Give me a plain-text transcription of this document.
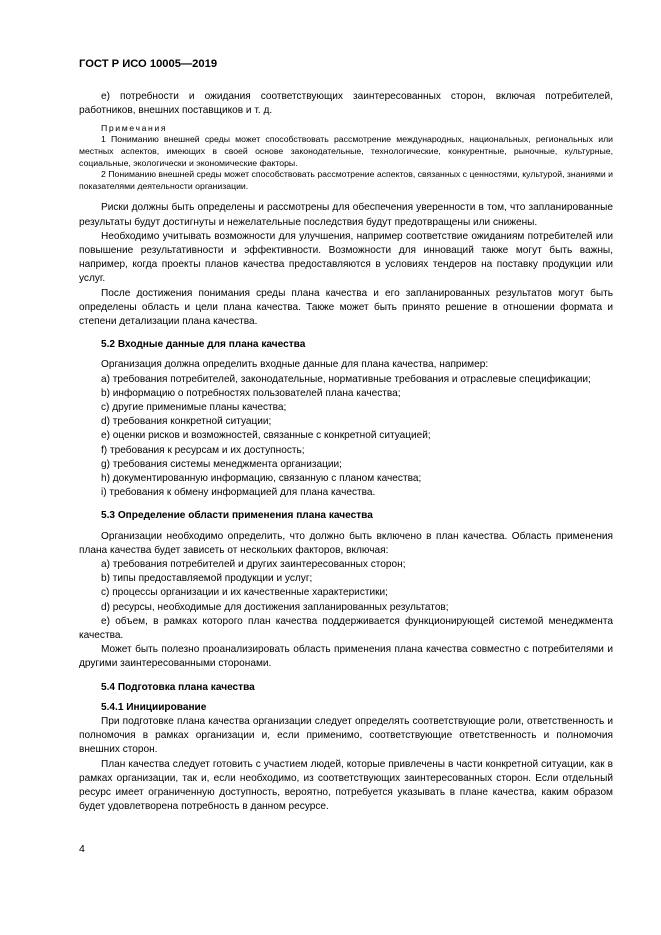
ГОСТ Р ИСО 10005—2019

е) потребности и ожидания соответствующих заинтересованных сторон, включая потребителей, работников, внешних поставщиков и т. д.

Примечания

1 Пониманию внешней среды может способствовать рассмотрение международных, национальных, региональных или местных аспектов, имеющих в своей основе законодательные, технологические, конкурентные, рыночные, культурные, социальные, экологически и экономические факторы.

2 Пониманию внешней среды может способствовать рассмотрение аспектов, связанных с ценностями, культурой, знаниями и показателями деятельности организации.

Риски должны быть определены и рассмотрены для обеспечения уверенности в том, что запланированные результаты будут достигнуты и нежелательные последствия будут предотвращены или снижены.

Необходимо учитывать возможности для улучшения, например соответствие ожиданиям потребителей или повышение результативности и эффективности. Возможности для инноваций также могут быть важны, например, когда проекты планов качества предоставляются в условиях тендеров на поставку продукции или услуг.

После достижения понимания среды плана качества и его запланированных результатов могут быть определены область и цели плана качества. Также может быть принято решение в отношении формата и степени детализации плана качества.

5.2 Входные данные для плана качества

Организация должна определить входные данные для плана качества, например:

a) требования потребителей, законодательные, нормативные требования и отраслевые спецификации;

b) информацию о потребностях пользователей плана качества;

c) другие применимые планы качества;

d) требования конкретной ситуации;

e) оценки рисков и возможностей, связанные с конкретной ситуацией;

f) требования к ресурсам и их доступность;

g) требования системы менеджмента организации;

h) документированную информацию, связанную с планом качества;

i) требования к обмену информацией для плана качества.

5.3 Определение области применения плана качества

Организации необходимо определить, что должно быть включено в план качества. Область применения плана качества будет зависеть от нескольких факторов, включая:

a) требования потребителей и других заинтересованных сторон;

b) типы предоставляемой продукции и услуг;

c) процессы организации и их качественные характеристики;

d) ресурсы, необходимые для достижения запланированных результатов;

e) объем, в рамках которого план качества поддерживается функционирующей системой менеджмента качества.

Может быть полезно проанализировать область применения плана качества совместно с потребителями и другими заинтересованными сторонами.

5.4 Подготовка плана качества
5.4.1 Инициирование

При подготовке плана качества организации следует определять соответствующие роли, ответственность и полномочия в рамках организации и, если применимо, соответствующие ответственность и полномочия внешних сторон.

План качества следует готовить с участием людей, которые привлечены в части конкретной ситуации, как в рамках организации, так и, если необходимо, из соответствующих заинтересованных сторон. Если отдельный ресурс имеет ограниченную доступность, вероятно, потребуется указывать в плане качества, каким образом будет удовлетворена потребность в данном ресурсе.

4
